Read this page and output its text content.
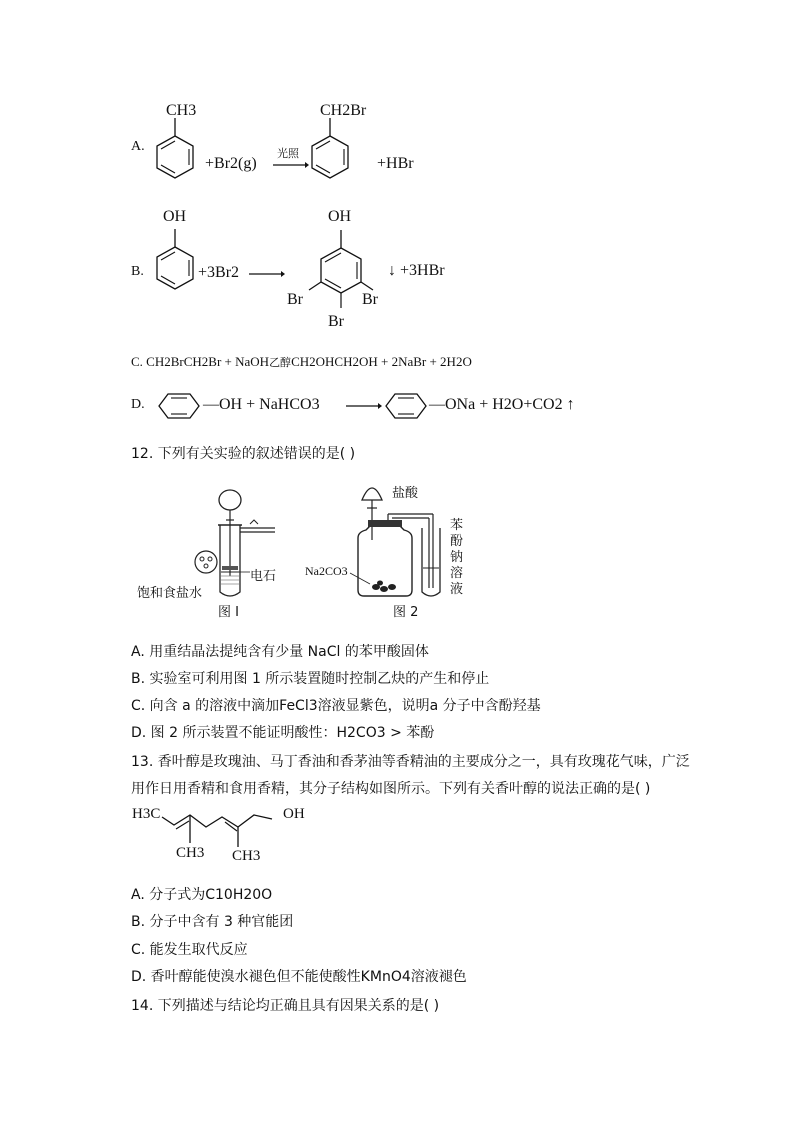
A.
CH3
+Br2(g)
光照
CH2Br
+HBr
B.
OH
+3Br2
OH
Br	Br
Br
↓ +3HBr
C. CH2BrCH2Br + NaOH乙醇CH2OHCH2OH + 2NaBr + 2H2O
D.	—OH + NaHCO3	—ONa + H2O+CO2 ↑
12. 下列有关实验的叙述错误的是( )
电石
饱和食盐水
图 I
盐酸
Na2CO3
苯
酚
钠
溶
液
图 2
A. 用重结晶法提纯含有少量 NaCl 的苯甲酸固体
B. 实验室可利用图 1 所示装置随时控制乙炔的产生和停止
C. 向含 a 的溶液中滴加FeCl3溶液显紫色，说明a 分子中含酚羟基
D. 图 2 所示装置不能证明酸性：H2CO3 > 苯酚
13. 香叶醇是玫瑰油、马丁香油和香茅油等香精油的主要成分之一，具有玫瑰花气味，广泛
用作日用香精和食用香精，其分子结构如图所示。下列有关香叶醇的说法正确的是( )
H3C
CH3 CH3
OH
A. 分子式为C10H20O
B. 分子中含有 3 种官能团
C. 能发生取代反应
D. 香叶醇能使溴水褪色但不能使酸性KMnO4溶液褪色
14. 下列描述与结论均正确且具有因果关系的是( )
